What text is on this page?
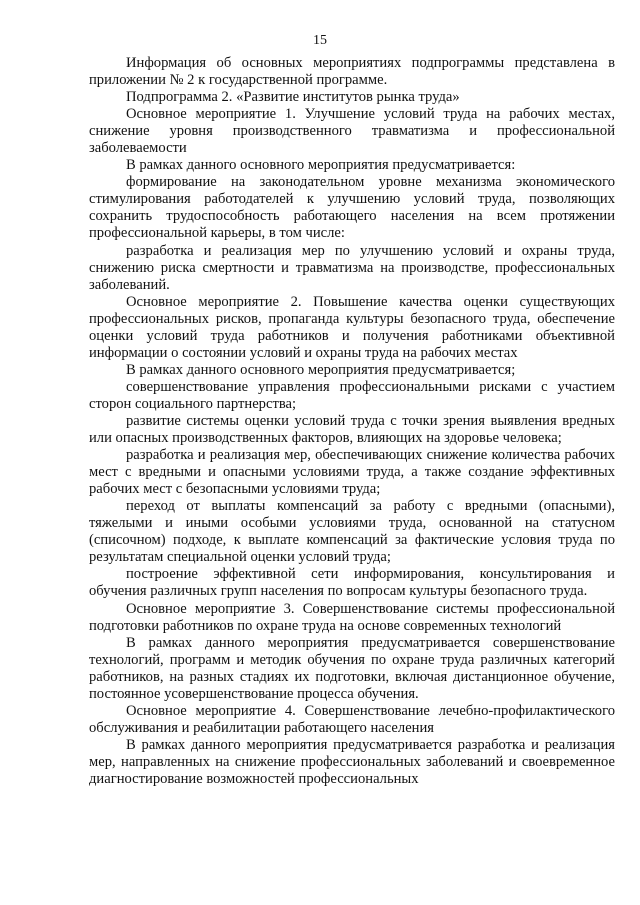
15

Информация об основных мероприятиях подпрограммы представлена в приложении № 2 к государственной программе.

Подпрограмма 2. «Развитие институтов рынка труда»

Основное мероприятие 1. Улучшение условий труда на рабочих местах, снижение уровня производственного травматизма и профессиональной заболеваемости

В рамках данного основного мероприятия предусматривается:

формирование на законодательном уровне механизма экономического стимулирования работодателей к улучшению условий труда, позволяющих сохранить трудоспособность работающего населения на всем протяжении профессиональной карьеры, в том числе:

разработка и реализация мер по улучшению условий и охраны труда, снижению риска смертности и травматизма на производстве, профессиональных заболеваний.

Основное мероприятие 2. Повышение качества оценки существующих профессиональных рисков, пропаганда культуры безопасного труда, обеспечение оценки условий труда работников и получения работниками объективной информации о состоянии условий и охраны труда на рабочих местах

В рамках данного основного мероприятия предусматривается;

совершенствование управления профессиональными рисками с участием сторон социального партнерства;

развитие системы оценки условий труда с точки зрения выявления вредных или опасных производственных факторов, влияющих на здоровье человека;

разработка и реализация мер, обеспечивающих снижение количества рабочих мест с вредными и опасными условиями труда, а также создание эффективных рабочих мест с безопасными условиями труда;

переход от выплаты компенсаций за работу с вредными (опасными), тяжелыми и иными особыми условиями труда, основанной на статусном (списочном) подходе, к выплате компенсаций за фактические условия труда по результатам специальной оценки условий труда;

построение эффективной сети информирования, консультирования и обучения различных групп населения по вопросам культуры безопасного труда.

Основное мероприятие 3. Совершенствование системы профессиональной подготовки работников по охране труда на основе современных технологий

В рамках данного мероприятия предусматривается совершенствование технологий, программ и методик обучения по охране труда различных категорий работников, на разных стадиях их подготовки, включая дистанционное обучение, постоянное усовершенствование процесса обучения.

Основное мероприятие 4. Совершенствование лечебно-профилактического обслуживания и реабилитации работающего населения

В рамках данного мероприятия предусматривается разработка и реализация мер, направленных на снижение профессиональных заболеваний и своевременное диагностирование возможностей профессиональных
